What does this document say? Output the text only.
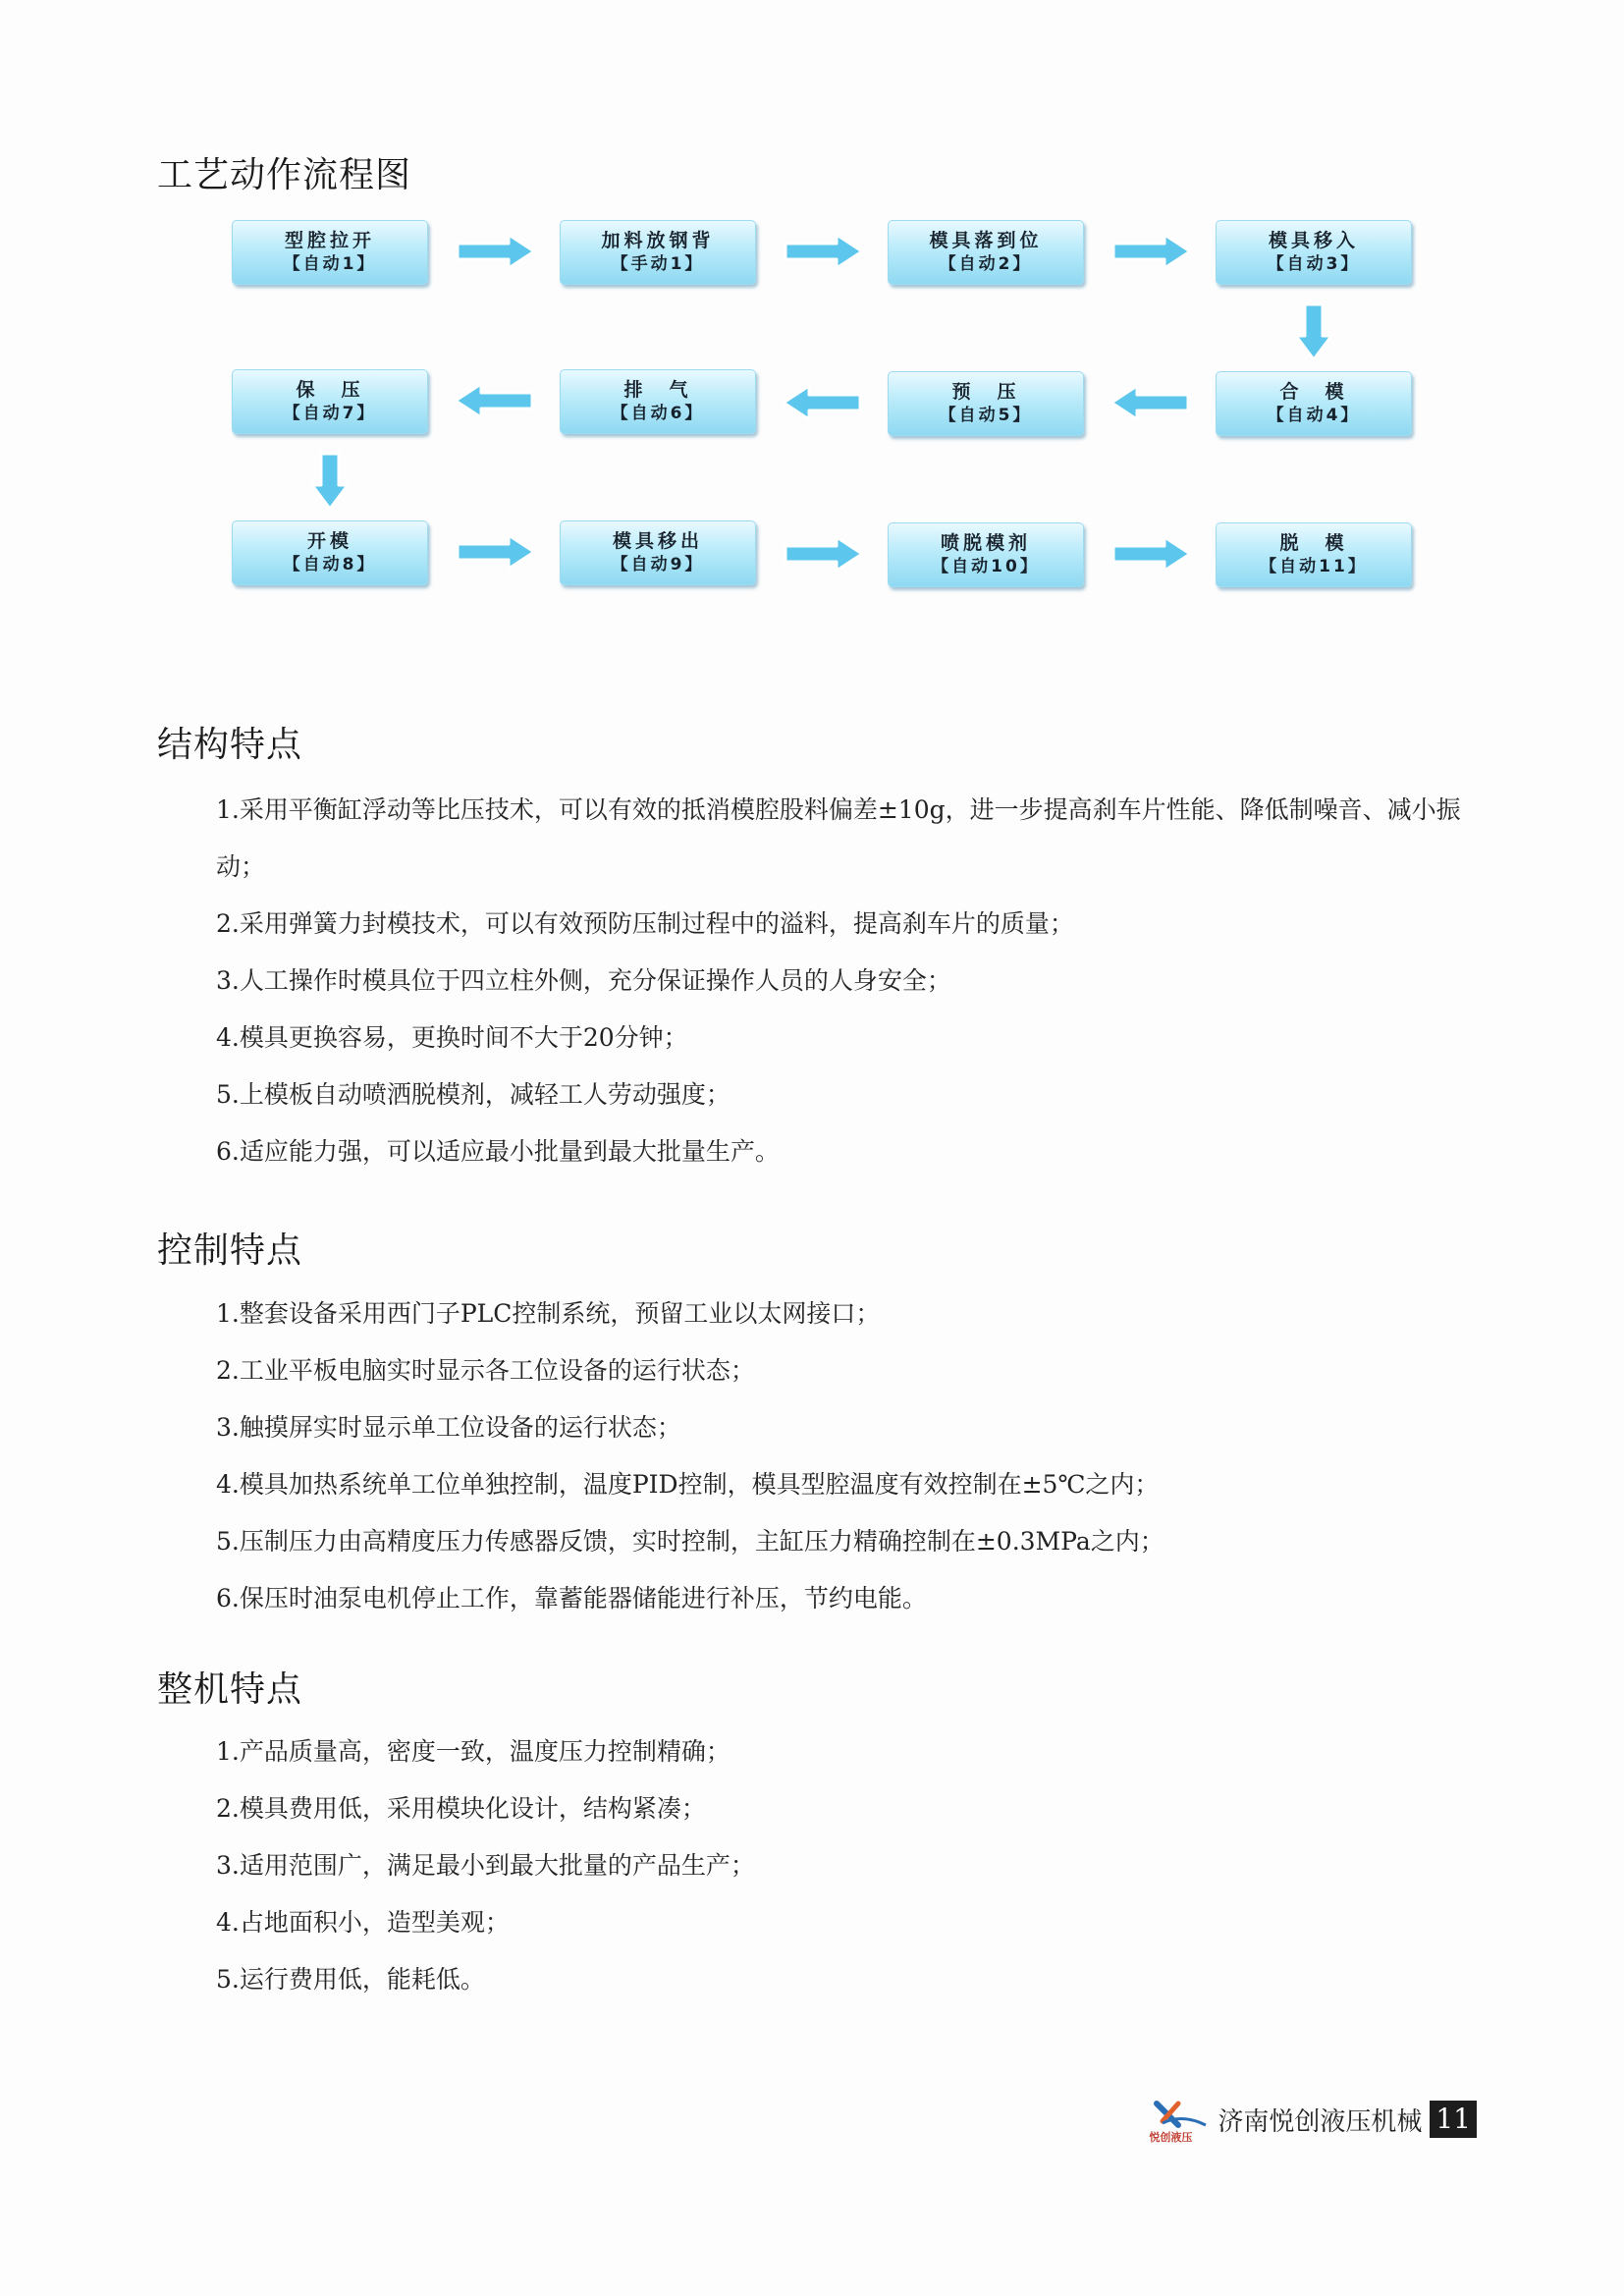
工艺动作流程图
型腔拉开
【自动1】
加料放钢背
【手动1】
模具落到位
【自动2】
模具移入
【自动3】
合　模
【自动4】
预　压
【自动5】
排　气
【自动6】
保　压
【自动7】
开模
【自动8】
模具移出
【自动9】
喷脱模剂
【自动10】
脱　模
【自动11】
结构特点
1.采用平衡缸浮动等比压技术，可以有效的抵消模腔股料偏差±10g，进一步提高刹车片性能、降低制噪音、减小振动；
2.采用弹簧力封模技术，可以有效预防压制过程中的溢料，提高刹车片的质量；
3.人工操作时模具位于四立柱外侧，充分保证操作人员的人身安全；
4.模具更换容易，更换时间不大于20分钟；
5.上模板自动喷洒脱模剂，减轻工人劳动强度；
6.适应能力强，可以适应最小批量到最大批量生产。
控制特点
1.整套设备采用西门子PLC控制系统，预留工业以太网接口；
2.工业平板电脑实时显示各工位设备的运行状态；
3.触摸屏实时显示单工位设备的运行状态；
4.模具加热系统单工位单独控制，温度PID控制，模具型腔温度有效控制在±5℃之内；
5.压制压力由高精度压力传感器反馈，实时控制，主缸压力精确控制在±0.3MPa之内；
6.保压时油泵电机停止工作，靠蓄能器储能进行补压，节约电能。
整机特点
1.产品质量高，密度一致，温度压力控制精确；
2.模具费用低，采用模块化设计，结构紧凑；
3.适用范围广，满足最小到最大批量的产品生产；
4.占地面积小，造型美观；
5.运行费用低，能耗低。
悦创液压
济南悦创液压机械 11
